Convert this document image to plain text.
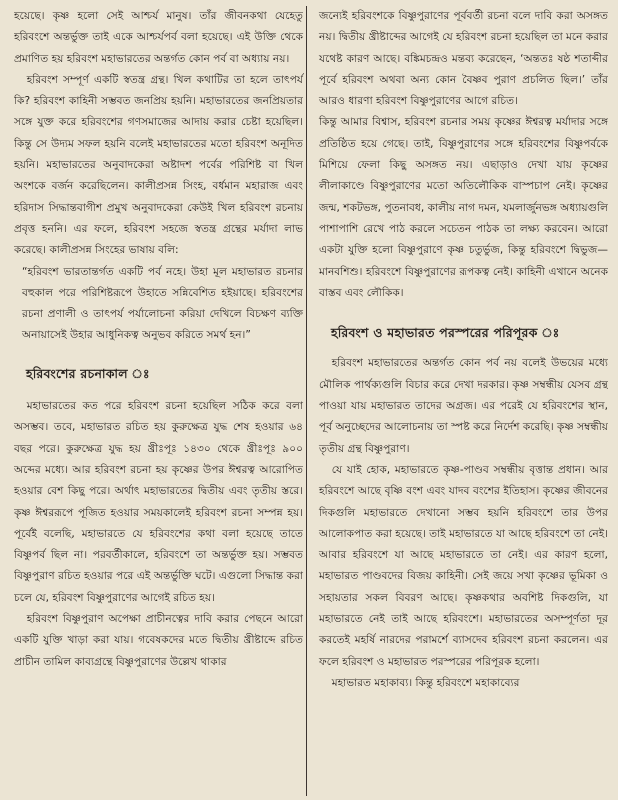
হয়েছে। কৃষ্ণ হলো সেই আশ্চর্য মানুষ। তাঁর জীবনকথা যেহেতু হরিবংশে অন্তর্ভুক্ত তাই একে আশ্চর্যপর্ব বলা হয়েছে। এই উক্তি থেকে প্রমাণিত হয় হরিবংশ মহাভারতের অন্তর্গত কোন পর্ব বা অধ্যায় নয়।

হরিবংশ সম্পূর্ণ একটি স্বতন্ত্র গ্রন্থ। খিল কথাটির তা হলে তাৎপর্য কি? হরিবংশ কাহিনী সম্ভবত জনপ্রিয় হয়নি। মহাভারতের জনপ্রিয়তার সঙ্গে যুক্ত করে হরিবংশের গণসমাজের আদায় করার চেষ্টা হয়েছিল। কিন্তু সে উদ্যম সফল হয়নি বলেই মহাভারতের মতো হরিবংশ অনূদিত হয়নি। মহাভারতের অনুবাদকেরা অষ্টাদশ পর্বের পরিশিষ্ট বা খিল অংশকে বর্জন করেছিলেন। কালীপ্রসন্ন সিংহ, বর্ধমান মহারাজ এবং হরিদাস সিদ্ধান্তবাগীশ প্রমুখ অনুবাদকেরা কেউই খিল হরিবংশ রচনায় প্রবৃত্ত হননি। এর ফলে, হরিবংশ সহজে স্বতন্ত্র গ্রন্থের মর্যাদা লাভ করেছে। কালীপ্রসন্ন সিংহের ভাষায় বলি:

“হরিবংশ ভারতান্তর্গত একটি পর্ব নহে। উহা মূল মহাভারত রচনার বহুকাল পরে পরিশিষ্টরূপে উহাতে সন্নিবেশিত হইয়াছে। হরিবংশের রচনা প্রণালী ও তাৎপর্য পর্যালোচনা করিয়া দেখিলে বিচক্ষণ ব্যক্তি অনায়াসেই উহার আধুনিকত্ব অনুভব করিতে সমর্থ হন।”

হরিবংশের রচনাকাল ঃ

মহাভারতের কত পরে হরিবংশ রচনা হয়েছিল সঠিক করে বলা অসম্ভব। তবে, মহাভারত রচিত হয় কুরুক্ষেত্র যুদ্ধ শেষ হওয়ার ৬৪ বছর পরে। কুরুক্ষেত্র যুদ্ধ হয় খ্রীঃপূঃ ১৪৩০ থেকে খ্রীঃপূঃ ৯০০ অব্দের মধ্যে। আর হরিবংশ রচনা হয় কৃষ্ণের উপর ঈশ্বরত্ব আরোপিত হওয়ার বেশ কিছু পরে। অর্থাৎ মহাভারতের দ্বিতীয় এবং তৃতীয় স্তরে। কৃষ্ণ ঈশ্বররূপে পূজিত হওয়ার সময়কালেই হরিবংশ রচনা সম্পন্ন হয়। পূর্বেই বলেছি, মহাভারতে যে হরিবংশের কথা বলা হয়েছে তাতে বিষ্ণুপর্ব ছিল না। পরবর্তীকালে, হরিবংশে তা অন্তর্ভুক্ত হয়। সম্ভবত বিষ্ণুপুরাণ রচিত হওয়ার পরে এই অন্তর্ভুক্তি ঘটে। এগুলো সিদ্ধান্ত করা চলে যে, হরিবংশ বিষ্ণুপুরাণের আগেই রচিত হয়।

হরিবংশ বিষ্ণুপুরাণ অপেক্ষা প্রাচীনত্বের দাবি করার পেছনে আরো একটি যুক্তি খাড়া করা যায়। গবেষকদের মতে দ্বিতীয় খ্রীষ্টাব্দে রচিত প্রাচীন তামিল কাব্যগ্রন্থে বিষ্ণুপুরাণের উল্লেখ থাকার

জন্যেই হরিবংশকে বিষ্ণুপুরাণের পূর্ববর্তী রচনা বলে দাবি করা অসঙ্গত নয়। দ্বিতীয় খ্রীষ্টাব্দের আগেই যে হরিবংশ রচনা হয়েছিল তা মনে করার যথেষ্ট কারণ আছে। বঙ্কিমচন্দ্রও মন্তব্য করেছেন, ‘অন্ততঃ ষষ্ঠ শতাব্দীর পূর্বে হরিবংশ অথবা অন্য কোন বৈষ্ণব পুরাণ প্রচলিত ছিল।’ তাঁর আরও ধারণা হরিবংশ বিষ্ণুপুরাণের আগে রচিত।

কিন্তু আমার বিশ্বাস, হরিবংশ রচনার সময় কৃষ্ণের ঈশ্বরত্ব মর্যাদার সঙ্গে প্রতিষ্ঠিত হয়ে গেছে। তাই, বিষ্ণুপুরাণের সঙ্গে হরিবংশের বিষ্ণুপর্বকে মিশিয়ে ফেলা কিছু অসঙ্গত নয়। এছাড়াও দেখা যায় কৃষ্ণের লীলাকাণ্ডে বিষ্ণুপুরাণের মতো অতিলৌকিক বাস্পচাপ নেই। কৃষ্ণের জন্ম, শকটভঙ্গ, পুতনাবধ, কালীয় নাগ দমন, যমলার্জুনভঙ্গ অধ্যায়গুলি পাশাপাশি রেখে পাঠ করলে সচেতন পাঠক তা লক্ষ্য করবেন। আরো একটা যুক্তি হলো বিষ্ণুপুরাণে কৃষ্ণ চতুর্ভুজ, কিন্তু হরিবংশে দ্বিভুজ—মানবশিশু। হরিবংশে বিষ্ণুপুরাণের রূপকত্ব নেই। কাহিনী এখানে অনেক বাস্তব এবং লৌকিক।

হরিবংশ ও মহাভারত পরস্পরের পরিপূরক ঃ

হরিবংশ মহাভারতের অন্তর্গত কোন পর্ব নয় বলেই উভয়ের মধ্যে মৌলিক পার্থক্যগুলি বিচার করে দেখা দরকার। কৃষ্ণ সম্বন্ধীয় যেসব গ্রন্থ পাওয়া যায় মহাভারত তাদের অগ্রজ। এর পরেই যে হরিবংশের স্থান, পূর্ব অনুচ্ছেদের আলোচনায় তা স্পষ্ট করে নির্দেশ করেছি। কৃষ্ণ সম্বন্ধীয় তৃতীয় গ্রন্থ বিষ্ণুপুরাণ।

যে যাই হোক, মহাভারতে কৃষ্ণ-পাণ্ডব সম্বন্ধীয় বৃত্তান্ত প্রধান। আর হরিবংশে আছে বৃষ্ণি বংশ এবং যাদব বংশের ইতিহাস। কৃষ্ণের জীবনের দিকগুলি মহাভারতে দেখানো সম্ভব হয়নি হরিবংশে তার উপর আলোকপাত করা হয়েছে। তাই মহাভারতে যা আছে হরিবংশে তা নেই। আবার হরিবংশে যা আছে মহাভারতে তা নেই। এর কারণ হলো, মহাভারত পাণ্ডবদের বিজয় কাহিনী। সেই জয়ে সখা কৃষ্ণের ভূমিকা ও সহায়তার সকল বিবরণ আছে। কৃষ্ণকথার অবশিষ্ট দিকগুলি, যা মহাভারতে নেই তাই আছে হরিবংশে। মহাভারতের অসম্পূর্ণতা দূর করতেই মহর্ষি নারদের পরামর্শে ব্যাসদেব হরিবংশ রচনা করলেন। এর ফলে হরিবংশ ও মহাভারত পরস্পরের পরিপূরক হলো।

মহাভারত মহাকাব্য। কিন্তু হরিবংশে মহাকাব্যের
